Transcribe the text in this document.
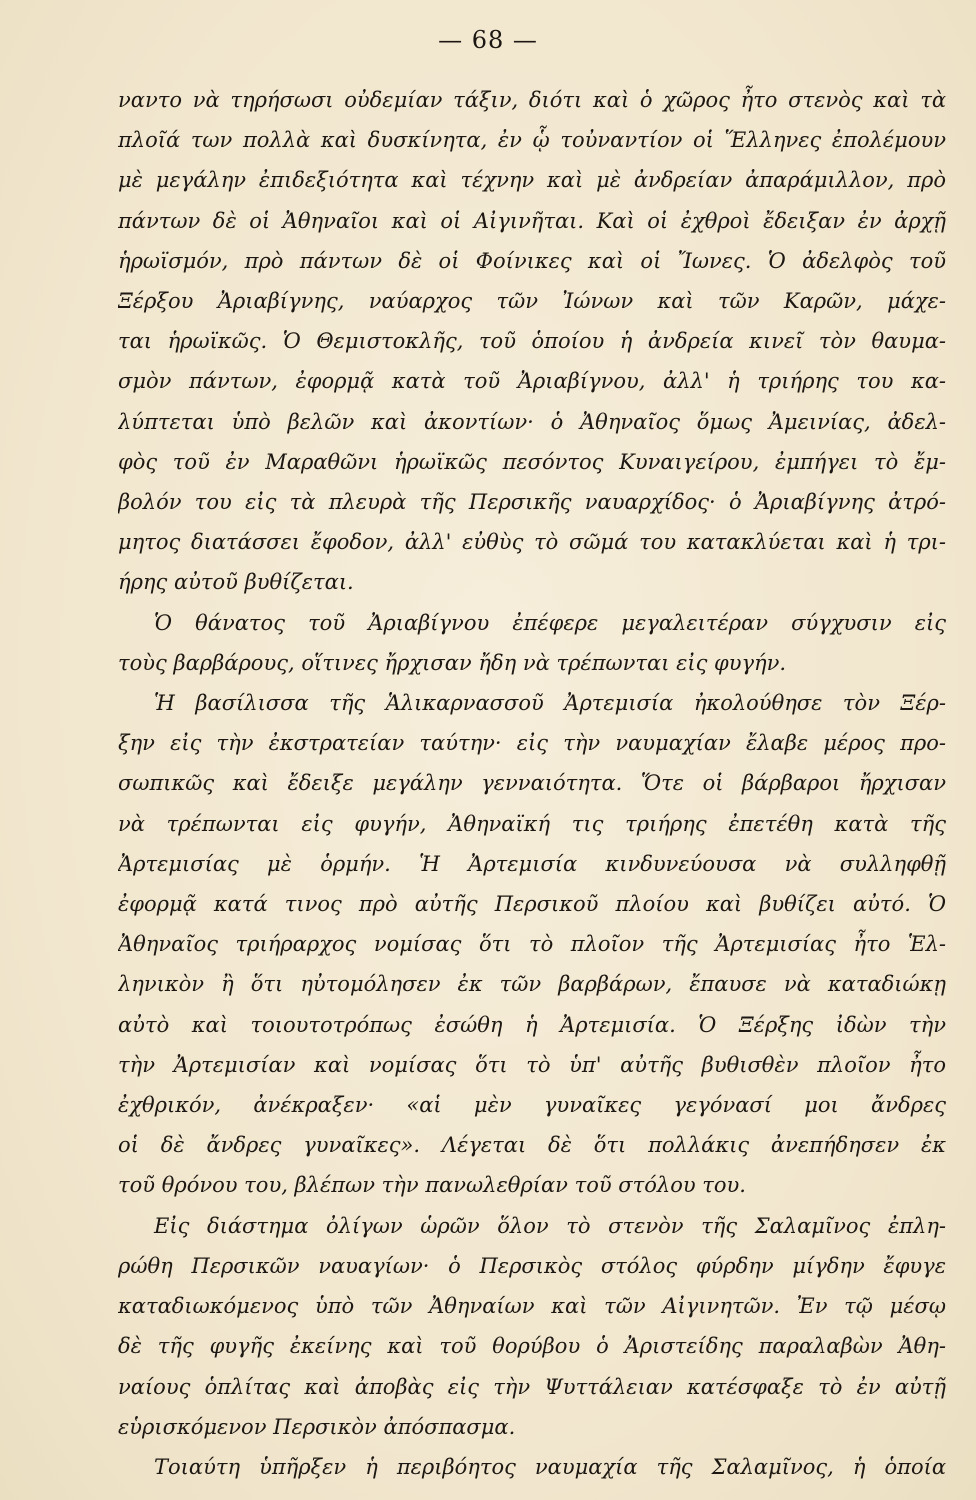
— 68 —
ναντο νὰ τηρήσωσι οὐδεμίαν τάξιν, διότι καὶ ὁ χῶρος ἦτο στενὸς καὶ τὰ
πλοῖά των πολλὰ καὶ δυσκίνητα, ἐν ᾧ τοὐναντίον οἱ Ἕλληνες ἐπολέμουν
μὲ μεγάλην ἐπιδεξιότητα καὶ τέχνην καὶ μὲ ἀνδρείαν ἀπαράμιλλον, πρὸ
πάντων δὲ οἱ Ἀθηναῖοι καὶ οἱ Αἰγινῆται. Καὶ οἱ ἐχθροὶ ἔδειξαν ἐν ἀρχῇ
ἡρωϊσμόν, πρὸ πάντων δὲ οἱ Φοίνικες καὶ οἱ Ἴωνες. Ὁ ἀδελφὸς τοῦ
Ξέρξου Ἀριαβίγνης, ναύαρχος τῶν Ἰώνων καὶ τῶν Καρῶν, μάχε-
ται ἡρωϊκῶς. Ὁ Θεμιστοκλῆς, τοῦ ὁποίου ἡ ἀνδρεία κινεῖ τὸν θαυμα-
σμὸν πάντων, ἐφορμᾷ κατὰ τοῦ Ἀριαβίγνου, ἀλλ' ἡ τριήρης του κα-
λύπτεται ὑπὸ βελῶν καὶ ἀκοντίων· ὁ Ἀθηναῖος ὅμως Ἀμεινίας, ἀδελ-
φὸς τοῦ ἐν Μαραθῶνι ἡρωϊκῶς πεσόντος Κυναιγείρου, ἐμπήγει τὸ ἔμ-
βολόν του εἰς τὰ πλευρὰ τῆς Περσικῆς ναυαρχίδος· ὁ Ἀριαβίγνης ἀτρό-
μητος διατάσσει ἔφοδον, ἀλλ' εὐθὺς τὸ σῶμά του κατακλύεται καὶ ἡ τρι-
ήρης αὐτοῦ βυθίζεται.
Ὁ θάνατος τοῦ Ἀριαβίγνου ἐπέφερε μεγαλειτέραν σύγχυσιν εἰς
τοὺς βαρβάρους, οἵτινες ἤρχισαν ἤδη νὰ τρέπωνται εἰς φυγήν.
Ἡ βασίλισσα τῆς Ἁλικαρνασσοῦ Ἀρτεμισία ἠκολούθησε τὸν Ξέρ-
ξην εἰς τὴν ἐκστρατείαν ταύτην· εἰς τὴν ναυμαχίαν ἔλαβε μέρος προ-
σωπικῶς καὶ ἔδειξε μεγάλην γενναιότητα. Ὅτε οἱ βάρβαροι ἤρχισαν
νὰ τρέπωνται εἰς φυγήν, Ἀθηναϊκή τις τριήρης ἐπετέθη κατὰ τῆς
Ἀρτεμισίας μὲ ὁρμήν. Ἡ Ἀρτεμισία κινδυνεύουσα νὰ συλληφθῇ
ἐφορμᾷ κατά τινος πρὸ αὐτῆς Περσικοῦ πλοίου καὶ βυθίζει αὐτό. Ὁ
Ἀθηναῖος τριήραρχος νομίσας ὅτι τὸ πλοῖον τῆς Ἀρτεμισίας ἦτο Ἑλ-
ληνικὸν ἢ ὅτι ηὐτομόλησεν ἐκ τῶν βαρβάρων, ἔπαυσε νὰ καταδιώκῃ
αὐτὸ καὶ τοιουτοτρόπως ἐσώθη ἡ Ἀρτεμισία. Ὁ Ξέρξης ἰδὼν τὴν
τὴν Ἀρτεμισίαν καὶ νομίσας ὅτι τὸ ὑπ' αὐτῆς βυθισθὲν πλοῖον ἦτο
ἐχθρικόν, ἀνέκραξεν· «αἱ μὲν γυναῖκες γεγόνασί μοι ἄνδρες
οἱ δὲ ἄνδρες γυναῖκες». Λέγεται δὲ ὅτι πολλάκις ἀνεπήδησεν ἐκ
τοῦ θρόνου του, βλέπων τὴν πανωλεθρίαν τοῦ στόλου του.
Εἰς διάστημα ὀλίγων ὡρῶν ὅλον τὸ στενὸν τῆς Σαλαμῖνος ἐπλη-
ρώθη Περσικῶν ναυαγίων· ὁ Περσικὸς στόλος φύρδην μίγδην ἔφυγε
καταδιωκόμενος ὑπὸ τῶν Ἀθηναίων καὶ τῶν Αἰγινητῶν. Ἐν τῷ μέσῳ
δὲ τῆς φυγῆς ἐκείνης καὶ τοῦ θορύβου ὁ Ἀριστείδης παραλαβὼν Ἀθη-
ναίους ὁπλίτας καὶ ἀποβὰς εἰς τὴν Ψυττάλειαν κατέσφαξε τὸ ἐν αὐτῇ
εὑρισκόμενον Περσικὸν ἀπόσπασμα.
Τοιαύτη ὑπῆρξεν ἡ περιβόητος ναυμαχία τῆς Σαλαμῖνος, ἡ ὁποία
